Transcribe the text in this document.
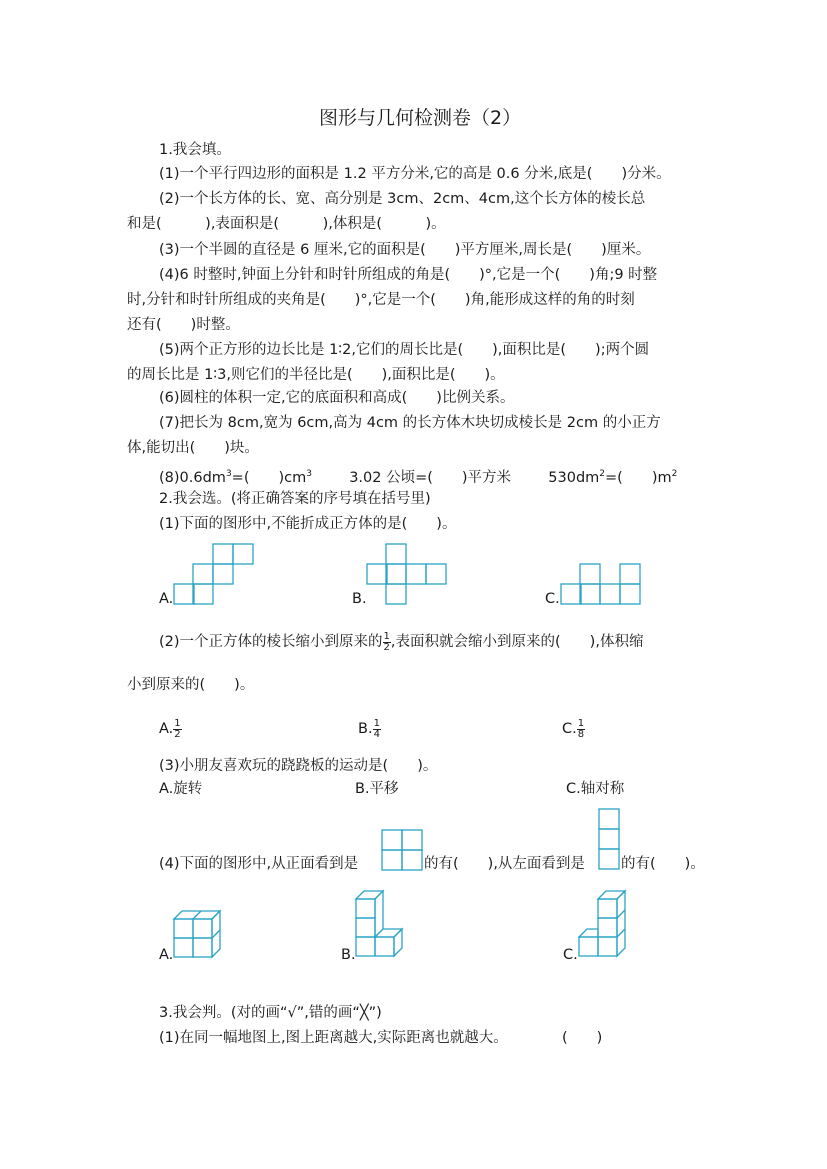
图形与几何检测卷（2）
1.我会填。
(1)一个平行四边形的面积是 1.2 平方分米,它的高是 0.6 分米,底是(　　)分米。
(2)一个长方体的长、宽、高分别是 3cm、2cm、4cm,这个长方体的棱长总
和是(　　　),表面积是(　　　),体积是(　　　)。
(3)一个半圆的直径是 6 厘米,它的面积是(　　)平方厘米,周长是(　　)厘米。
(4)6 时整时,钟面上分针和时针所组成的角是(　　)°,它是一个(　　)角;9 时整
时,分针和时针所组成的夹角是(　　)°,它是一个(　　)角,能形成这样的角的时刻
还有(　　)时整。
(5)两个正方形的边长比是 1∶2,它们的周长比是(　　),面积比是(　　);两个圆
的周长比是 1∶3,则它们的半径比是(　　),面积比是(　　)。
(6)圆柱的体积一定,它的底面积和高成(　　)比例关系。
(7)把长为 8cm,宽为 6cm,高为 4cm 的长方体木块切成棱长是 2cm 的小正方
体,能切出(　　)块。
$(8)0.6dm^3=$(　　)$cm^3$	3.02 公顷=(　　)平方米	$530dm^2=$(　　)$m^2$
2.我会选。(将正确答案的序号填在括号里)
(1)下面的图形中,不能折成正方体的是(　　)。
A.	B.	C.
(2)一个正方体的棱长缩小到原来的 $\frac{1}{2}$ ,表面积就会缩小到原来的(　　),体积缩
小到原来的(　　)。
A. $\frac{1}{2}$	B. $\frac{1}{4}$	C. $\frac{1}{8}$
(3)小朋友喜欢玩的跷跷板的运动是(　　)。
A.旋转	B.平移	C.轴对称
(4)下面的图形中,从正面看到是	的有(　　),从左面看到是 的有(　　)。
A.	B.	C.
3.我会判。(对的画“√”,错的画“╳”)
(1)在同一幅地图上,图上距离越大,实际距离也就越大。	(　　)
